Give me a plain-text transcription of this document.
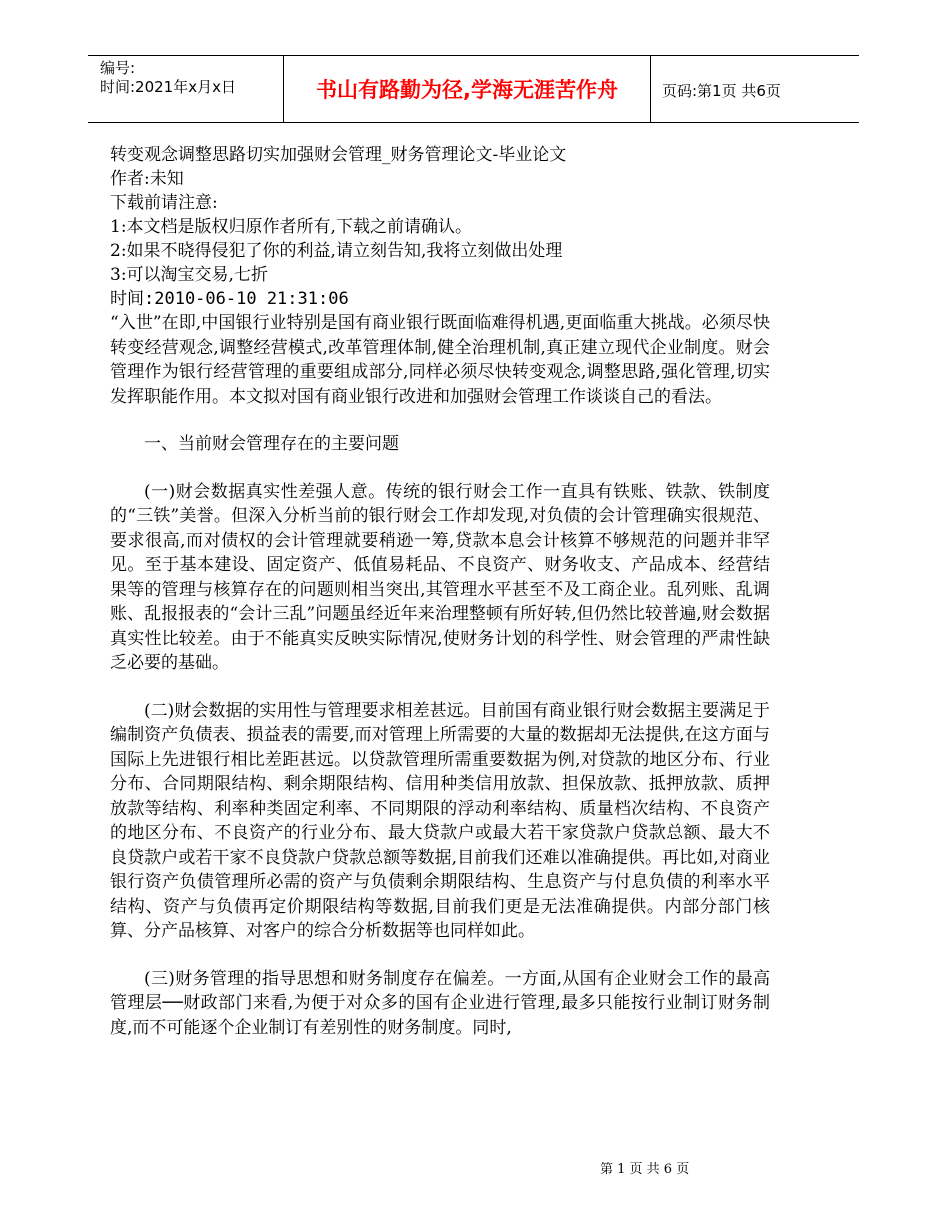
编号:
时间:2021年x月x日	书山有路勤为径,学海无涯苦作舟	页码:第1页 共6页
转变观念调整思路切实加强财会管理_财务管理论文-毕业论文
作者:未知
下载前请注意:
1:本文档是版权归原作者所有,下载之前请确认。
2:如果不晓得侵犯了你的利益,请立刻告知,我将立刻做出处理
3:可以淘宝交易,七折
时间:2010-06-10 21:31:06

“入世”在即,中国银行业特别是国有商业银行既面临难得机遇,更面临重大挑战。必须尽快转变经营观念,调整经营模式,改革管理体制,健全治理机制,真正建立现代企业制度。财会管理作为银行经营管理的重要组成部分,同样必须尽快转变观念,调整思路,强化管理,切实发挥职能作用。本文拟对国有商业银行改进和加强财会管理工作谈谈自己的看法。

一、当前财会管理存在的主要问题

(一)财会数据真实性差强人意。传统的银行财会工作一直具有铁账、铁款、铁制度的“三铁”美誉。但深入分析当前的银行财会工作却发现,对负债的会计管理确实很规范、要求很高,而对债权的会计管理就要稍逊一筹,贷款本息会计核算不够规范的问题并非罕见。至于基本建设、固定资产、低值易耗品、不良资产、财务收支、产品成本、经营结果等的管理与核算存在的问题则相当突出,其管理水平甚至不及工商企业。乱列账、乱调账、乱报报表的“会计三乱”问题虽经近年来治理整顿有所好转,但仍然比较普遍,财会数据真实性比较差。由于不能真实反映实际情况,使财务计划的科学性、财会管理的严肃性缺乏必要的基础。

(二)财会数据的实用性与管理要求相差甚远。目前国有商业银行财会数据主要满足于编制资产负债表、损益表的需要,而对管理上所需要的大量的数据却无法提供,在这方面与国际上先进银行相比差距甚远。以贷款管理所需重要数据为例,对贷款的地区分布、行业分布、合同期限结构、剩余期限结构、信用种类信用放款、担保放款、抵押放款、质押放款等结构、利率种类固定利率、不同期限的浮动利率结构、质量档次结构、不良资产的地区分布、不良资产的行业分布、最大贷款户或最大若干家贷款户贷款总额、最大不良贷款户或若干家不良贷款户贷款总额等数据,目前我们还难以准确提供。再比如,对商业银行资产负债管理所必需的资产与负债剩余期限结构、生息资产与付息负债的利率水平结构、资产与负债再定价期限结构等数据,目前我们更是无法准确提供。内部分部门核算、分产品核算、对客户的综合分析数据等也同样如此。

(三)财务管理的指导思想和财务制度存在偏差。一方面,从国有企业财会工作的最高管理层──财政部门来看,为便于对众多的国有企业进行管理,最多只能按行业制订财务制度,而不可能逐个企业制订有差别性的财务制度。同时,

第 1 页 共 6 页
